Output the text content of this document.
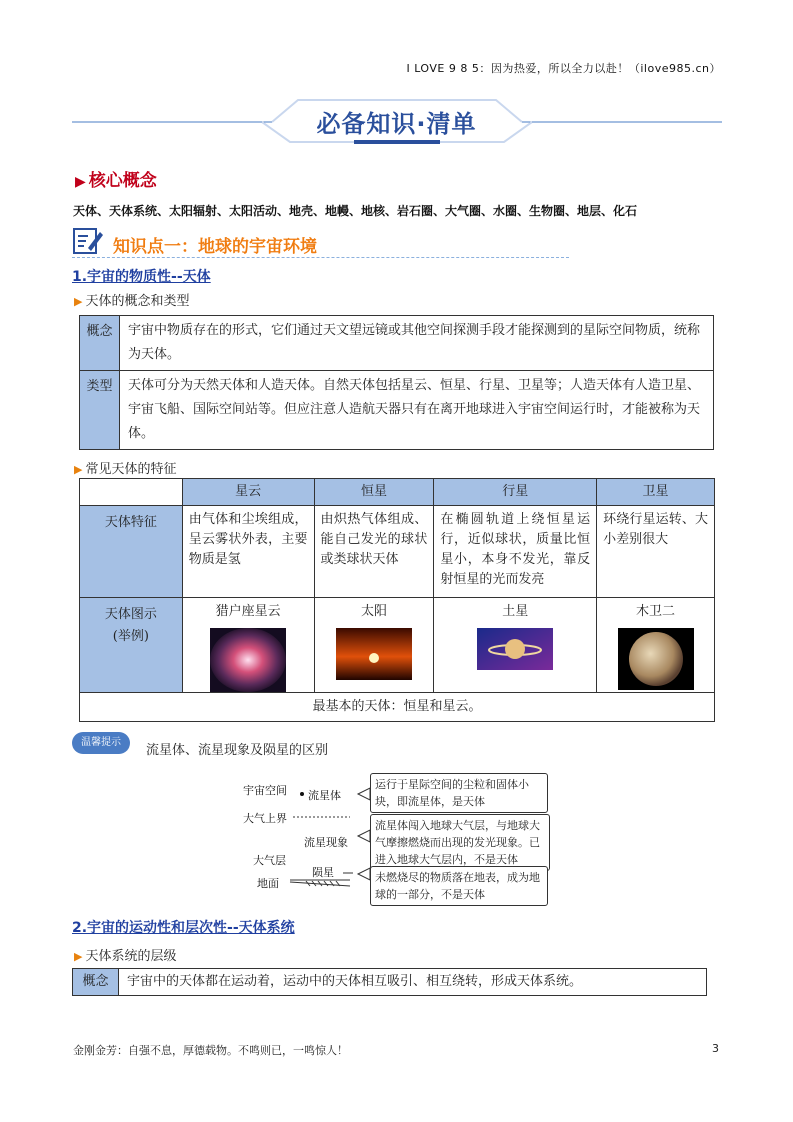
I LOVE 9 8 5：因为热爱，所以全力以赴！（ilove985.cn）
必备知识·清单
▶ 核心概念
天体、天体系统、太阳辐射、太阳活动、地壳、地幔、地核、岩石圈、大气圈、水圈、生物圈、地层、化石
知识点一：地球的宇宙环境
1.宇宙的物质性--天体
▶ 天体的概念和类型
概念	宇宙中物质存在的形式，它们通过天文望远镜或其他空间探测手段才能探测到的星际空间物质，统称为天体。
类型	天体可分为天然天体和人造天体。自然天体包括星云、恒星、行星、卫星等；人造天体有人造卫星、宇宙飞船、国际空间站等。但应注意人造航天器只有在离开地球进入宇宙空间运行时，才能被称为天体。
▶ 常见天体的特征
	星云	恒星	行星	卫星
天体特征	由气体和尘埃组成，呈云雾状外表，主要物质是氢	由炽热气体组成、能自己发光的球状或类球状天体	在椭圆轨道上绕恒星运行，近似球状，质量比恒星小，本身不发光，靠反射恒星的光而发亮	环绕行星运转、大小差别很大

天体图示
(举例)	猎户座星云	太阳	土星	木卫二

最基本的天体：恒星和星云。				
温馨提示
流星体、流星现象及陨星的区别
宇宙空间
大气上界
大气层
地面
流星体
流星现象
陨星
运行于星际空间的尘粒和固体小块，即流星体，是天体
流星体闯入地球大气层，与地球大气摩擦燃烧而出现的发光现象。已进入地球大气层内，不是天体
未燃烧尽的物质落在地表，成为地球的一部分，不是天体
2.宇宙的运动性和层次性--天体系统
▶ 天体系统的层级
概念	宇宙中的天体都在运动着，运动中的天体相互吸引、相互绕转，形成天体系统。
金刚金芳：自强不息，厚德载物。不鸣则已，一鸣惊人！	3
